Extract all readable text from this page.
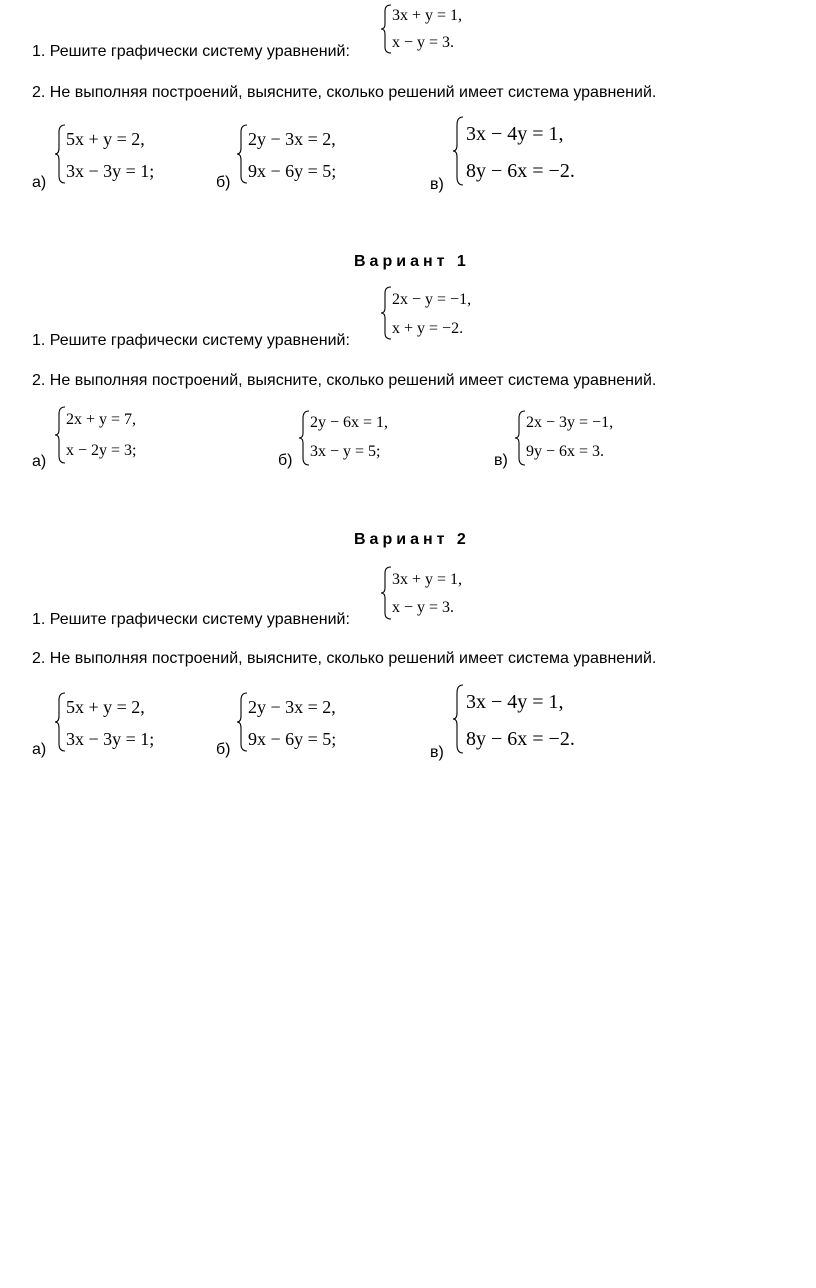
3x + y = 1,
x − y = 3.
1. Решите графически систему уравнений:
2. Не выполняя построений, выясните, сколько решений имеет система уравнений.
5x + y = 2,
3x − 3y = 1;
а)
2y − 3x = 2,
9x − 6y = 5;
б)
3x − 4y = 1,
8y − 6x = −2.
в)
Вариант 1
2x − y = −1,
x + y = −2.
1. Решите графически систему уравнений:
2. Не выполняя построений, выясните, сколько решений имеет система уравнений.
2x + y = 7,
x − 2y = 3;
а)
2y − 6x = 1,
3x − y = 5;
б)
2x − 3y = −1,
9y − 6x = 3.
в)
Вариант 2
3x + y = 1,
x − y = 3.
1. Решите графически систему уравнений:
2. Не выполняя построений, выясните, сколько решений имеет система уравнений.
5x + y = 2,
3x − 3y = 1;
а)
2y − 3x = 2,
9x − 6y = 5;
б)
3x − 4y = 1,
8y − 6x = −2.
в)
